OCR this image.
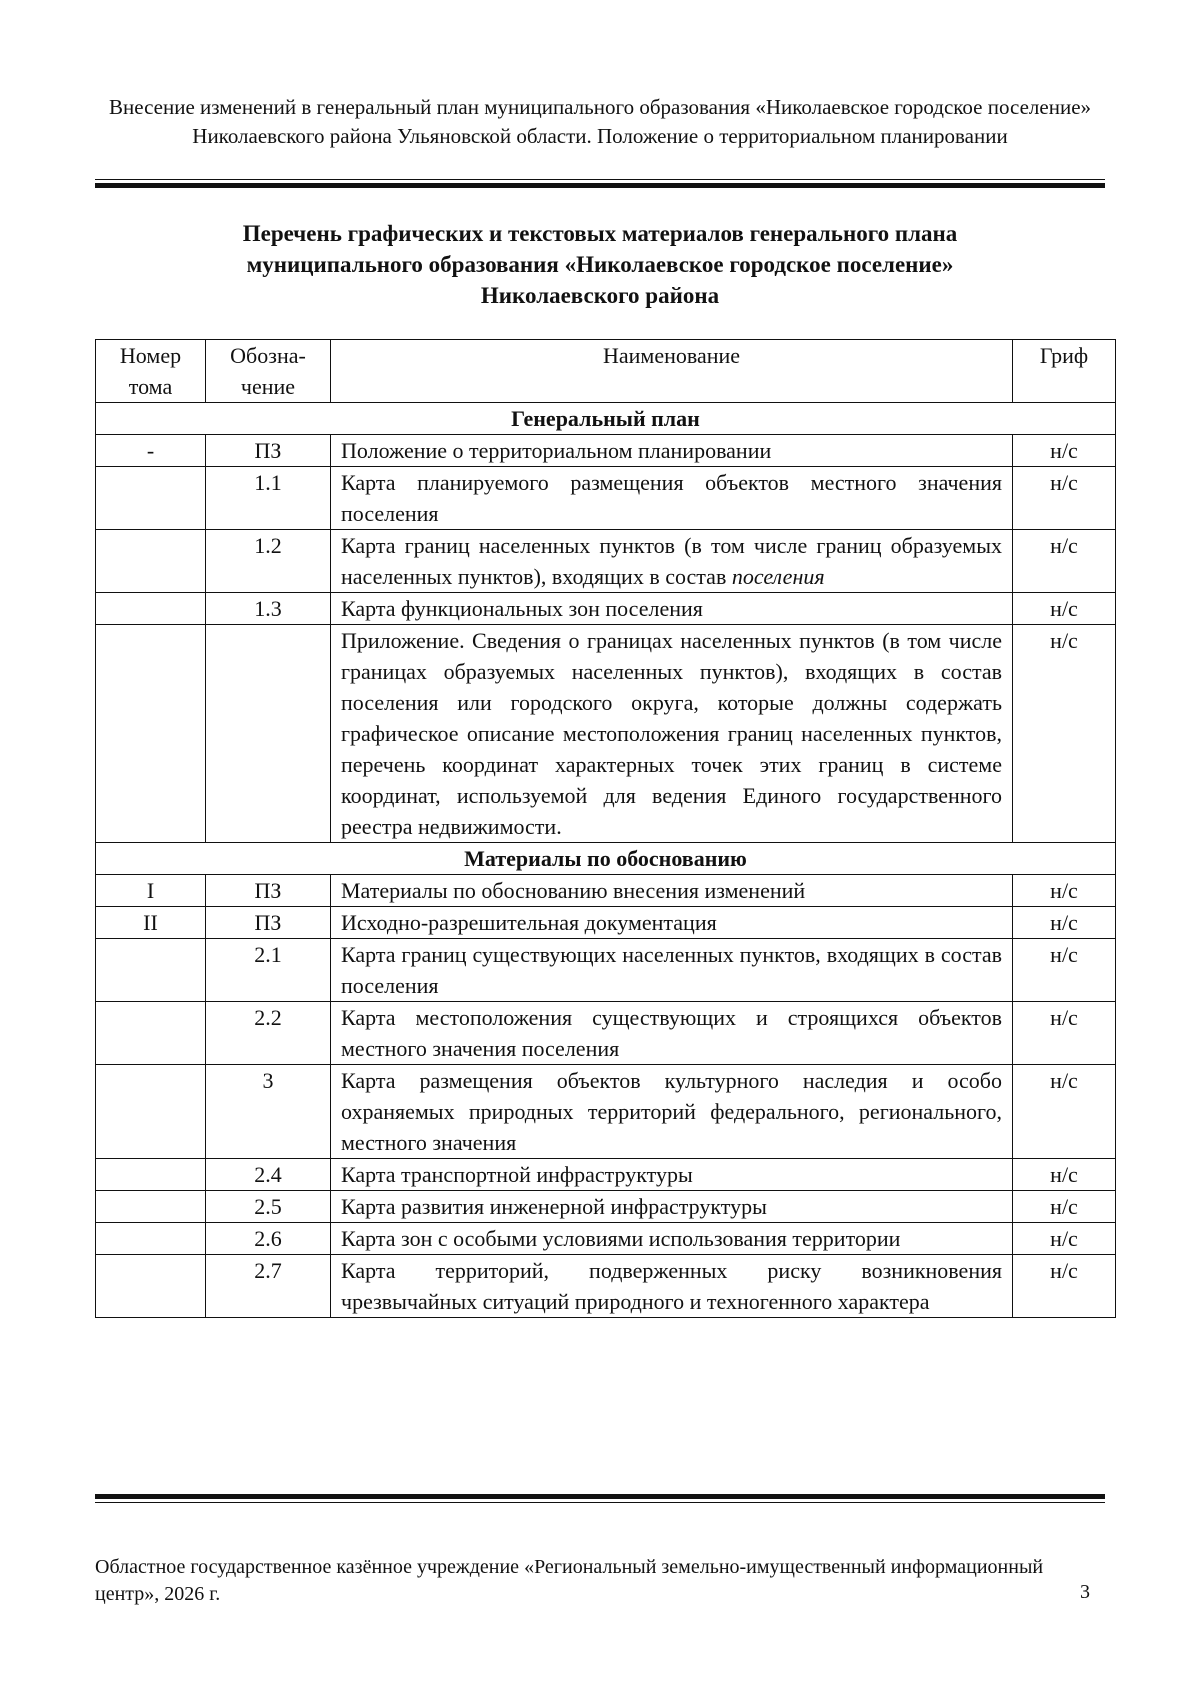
Внесение изменений в генеральный план муниципального образования «Николаевское городское поселение» Николаевского района Ульяновской области. Положение о территориальном планировании
Перечень графических и текстовых материалов генерального плана
муниципального образования «Николаевское городское поселение»
Николаевского района
Номер тома	Обозна-чение	Наименование	Гриф
Генеральный план			
-	ПЗ	Положение о территориальном планировании	н/с
	1.1	Карта планируемого размещения объектов местного значения поселения	н/с
	1.2	Карта границ населенных пунктов (в том числе границ образуемых населенных пунктов), входящих в состав поселения	н/с
	1.3	Карта функциональных зон поселения	н/с
		Приложение. Сведения о границах населенных пунктов (в том числе границах образуемых населенных пунктов), входящих в состав поселения или городского округа, которые должны содержать графическое описание местоположения границ населенных пунктов, перечень координат характерных точек этих границ в системе координат, используемой для ведения Единого государственного реестра недвижимости.	н/с
Материалы по обоснованию			
I	ПЗ	Материалы по обоснованию внесения изменений	н/с
II	ПЗ	Исходно-разрешительная документация	н/с
	2.1	Карта границ существующих населенных пунктов, входящих в состав поселения	н/с
	2.2	Карта местоположения существующих и строящихся объектов местного значения поселения	н/с
	3	Карта размещения объектов культурного наследия и особо охраняемых природных территорий федерального, регионального, местного значения	н/с
	2.4	Карта транспортной инфраструктуры	н/с
	2.5	Карта развития инженерной инфраструктуры	н/с
	2.6	Карта зон с особыми условиями использования территории	н/с
	2.7	Карта территорий, подверженных риску возникновения чрезвычайных ситуаций природного и техногенного характера	н/с
Областное государственное казённое учреждение «Региональный земельно-имущественный информационный центр», 2026 г.	3
